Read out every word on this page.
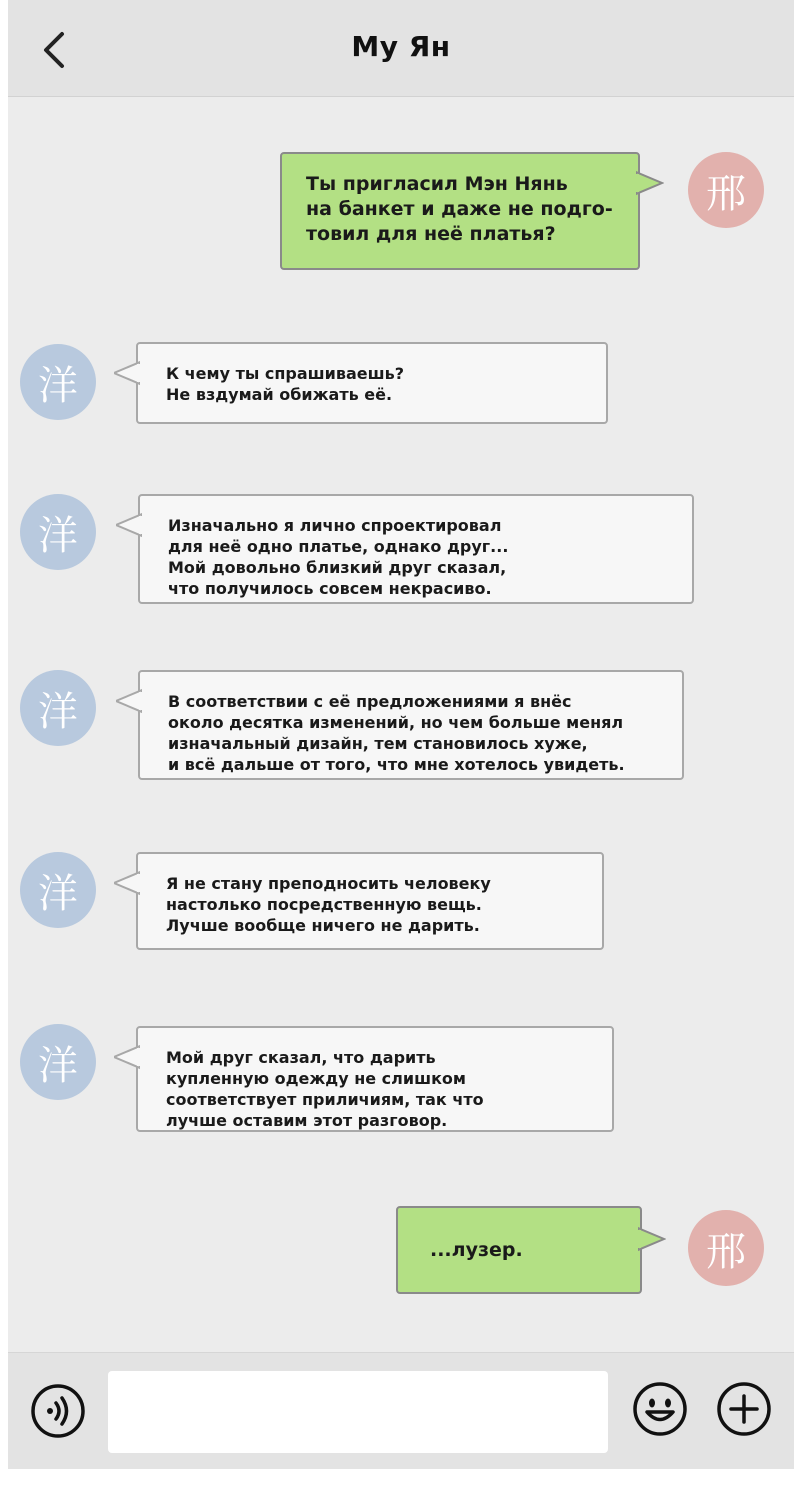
Му Ян
邢

Ты пригласил Мэн Нянь

на банкет и даже не подго-

товил для неё платья?

洋	К чему ты спрашиваешь?

Не вздумай обижать её.

洋	Изначально я лично спроектировал

для неё одно платье, однако друг...

Мой довольно близкий друг сказал,

что получилось совсем некрасиво.

洋	В соответствии с её предложениями я внёс

около десятка изменений, но чем больше менял

изначальный дизайн, тем становилось хуже,

и всё дальше от того, что мне хотелось увидеть.

洋	Я не стану преподносить человеку

настолько посредственную вещь.

Лучше вообще ничего не дарить.

洋	Мой друг сказал, что дарить

купленную одежду не слишком

соответствует приличиям, так что

лучше оставим этот разговор.

邢

...лузер.
